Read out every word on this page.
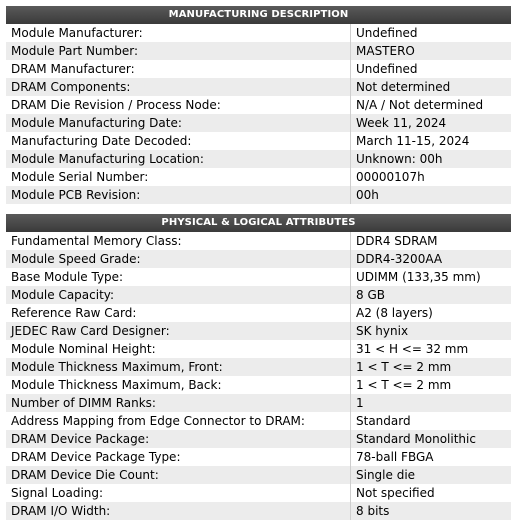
MANUFACTURING DESCRIPTION
Module Manufacturer:	Undefined
Module Part Number:	MASTERO
DRAM Manufacturer:	Undefined
DRAM Components:	Not determined
DRAM Die Revision / Process Node:	N/A / Not determined
Module Manufacturing Date:	Week 11, 2024
Manufacturing Date Decoded:	March 11-15, 2024
Module Manufacturing Location:	Unknown: 00h
Module Serial Number:	00000107h
Module PCB Revision:	00h
PHYSICAL & LOGICAL ATTRIBUTES
Fundamental Memory Class:	DDR4 SDRAM
Module Speed Grade:	DDR4-3200AA
Base Module Type:	UDIMM (133,35 mm)
Module Capacity:	8 GB
Reference Raw Card:	A2 (8 layers)
JEDEC Raw Card Designer:	SK hynix
Module Nominal Height:	31 < H <= 32 mm
Module Thickness Maximum, Front:	1 < T <= 2 mm
Module Thickness Maximum, Back:	1 < T <= 2 mm
Number of DIMM Ranks:	1
Address Mapping from Edge Connector to DRAM:	Standard
DRAM Device Package:	Standard Monolithic
DRAM Device Package Type:	78-ball FBGA
DRAM Device Die Count:	Single die
Signal Loading:	Not specified
DRAM I/O Width:	8 bits
